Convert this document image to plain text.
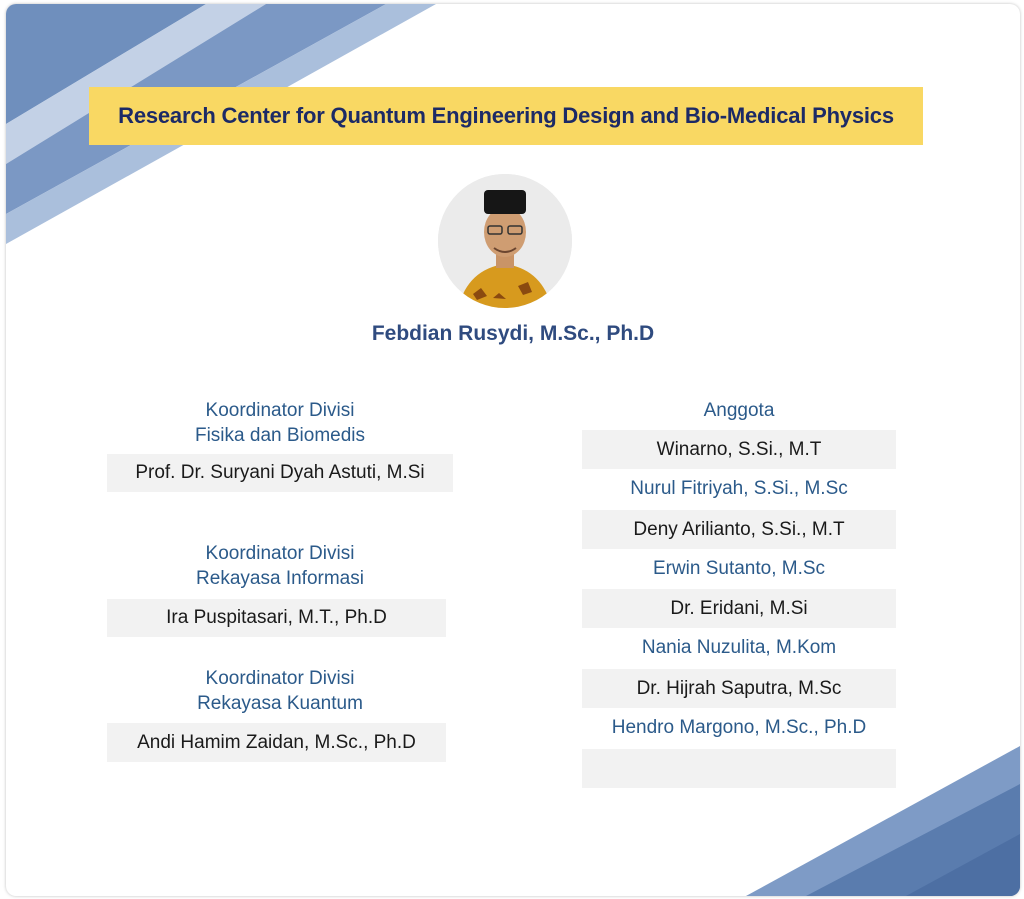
Research Center for Quantum Engineering Design and Bio-Medical Physics
Febdian Rusydi, M.Sc., Ph.D
Koordinator Divisi
Fisika dan Biomedis
Prof. Dr. Suryani Dyah Astuti, M.Si
Koordinator Divisi
Rekayasa Informasi
Ira Puspitasari, M.T., Ph.D
Koordinator Divisi
Rekayasa Kuantum
Andi Hamim Zaidan, M.Sc., Ph.D
Anggota
Winarno, S.Si., M.T
Nurul Fitriyah, S.Si., M.Sc
Deny Arilianto, S.Si., M.T
Erwin Sutanto, M.Sc
Dr. Eridani, M.Si
Nania Nuzulita, M.Kom
Dr. Hijrah Saputra, M.Sc
Hendro Margono, M.Sc., Ph.D
